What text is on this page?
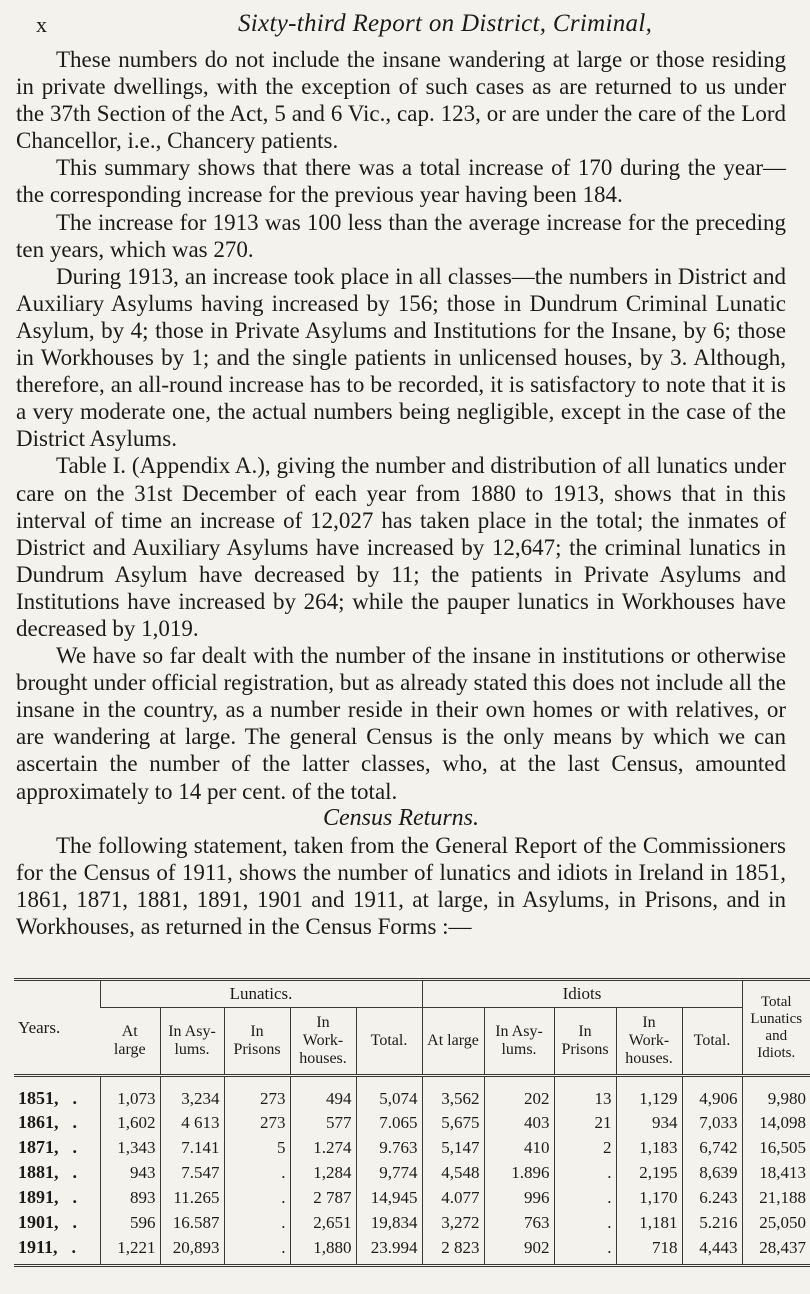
x	Sixty-third Report on District, Criminal,

These numbers do not include the insane wandering at large or those residing in private dwellings, with the exception of such cases as are returned to us under the 37th Section of the Act, 5 and 6 Vic., cap. 123, or are under the care of the Lord Chancellor, i.e., Chancery patients.

This summary shows that there was a total increase of 170 during the year—the corresponding increase for the previous year having been 184.

The increase for 1913 was 100 less than the average increase for the preceding ten years, which was 270.

During 1913, an increase took place in all classes—the numbers in District and Auxiliary Asylums having increased by 156; those in Dundrum Criminal Lunatic Asylum, by 4; those in Private Asylums and Institutions for the Insane, by 6; those in Workhouses by 1; and the single patients in unlicensed houses, by 3. Although, therefore, an all-round increase has to be recorded, it is satisfactory to note that it is a very moderate one, the actual numbers being negligible, except in the case of the District Asylums.

Table I. (Appendix A.), giving the number and distribution of all lunatics under care on the 31st December of each year from 1880 to 1913, shows that in this interval of time an increase of 12,027 has taken place in the total; the inmates of District and Auxiliary Asylums have increased by 12,647; the criminal lunatics in Dundrum Asylum have decreased by 11; the patients in Private Asylums and Institutions have increased by 264; while the pauper lunatics in Workhouses have decreased by 1,019.

We have so far dealt with the number of the insane in institutions or otherwise brought under official registration, but as already stated this does not include all the insane in the country, as a number reside in their own homes or with relatives, or are wandering at large. The general Census is the only means by which we can ascertain the number of the latter classes, who, at the last Census, amounted approximately to 14 per cent. of the total.

Census Returns.

The following statement, taken from the General Report of the Commissioners for the Census of 1911, shows the number of lunatics and idiots in Ireland in 1851, 1861, 1871, 1881, 1891, 1901 and 1911, at large, in Asylums, in Prisons, and in Workhouses, as returned in the Census Forms :—

Years.	Lunatics.					Idiots					Total Lunatics and Idiots.
	At large	In Asy- lums.	In Prisons	In Work- houses.	Total.	At large	In Asy- lums.	In Prisons	In Work- houses.	Total.	
1851, .	1,073	3,234	273	494	5,074	3,562	202	13	1,129	4,906	9,980
1861, .	1,602	4 613	273	577	7.065	5,675	403	21	934	7,033	14,098
1871, .	1,343	7.141	5	1.274	9.763	5,147	410	2	1,183	6,742	16,505
1881, .	943	7.547	.	1,284	9,774	4,548	1.896	.	2,195	8,639	18,413
1891, .	893	11.265	.	2 787	14,945	4.077	996	.	1,170	6.243	21,188
1901, .	596	16.587	.	2,651	19,834	3,272	763	.	1,181	5.216	25,050
1911, .	1,221	20,893	.	1,880	23.994	2 823	902	.	718	4,443	28,437
